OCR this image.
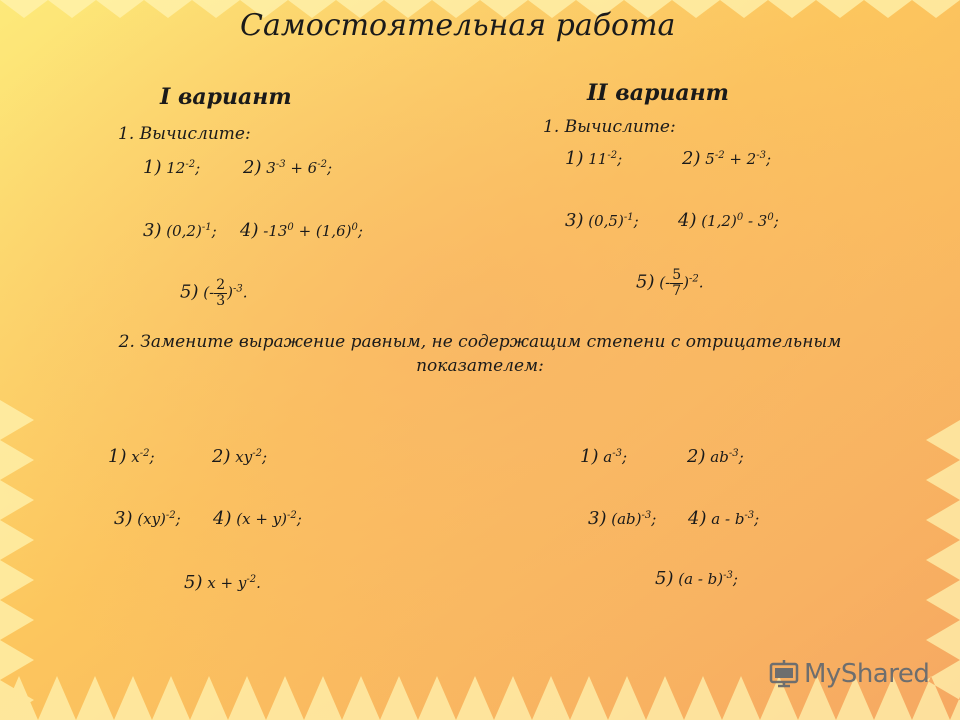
Самостоятельная работа
I вариант
1. Вычислите:
1) $12^{-2}$; 2) $3^{-3} + 6^{-2}$;
3) $(0,2)^{-1}$; 4) $-13^0 + (1,6)^0$;
5) (- $\frac{2}{3} )^{-3}$.
II вариант
1. Вычислите:
1) $11^{-2}$;	2) $5^{-2} + 2^{-3}$;
3) $(0,5)^{-1}$; 4) $(1,2)^0 - 3^0$;
5) (- $\frac{5}{7} )^{-2}$.
2. Замените выражение равным, не содержащим степени с отрицательным показателем:
1) $x^{-2}$;	2) $xy^{-2}$;
3) (xy)$^{-2}$; 4) $(x + y)^{-2}$;
5) $x + y^{-2}$.
1) $a^{-3}$;	2) $ab^{-3}$;
3) (ab)$^{-3}$; 4) a - $b^{-3}$;
5) (a - b)$^{-3}$;
MyShared
